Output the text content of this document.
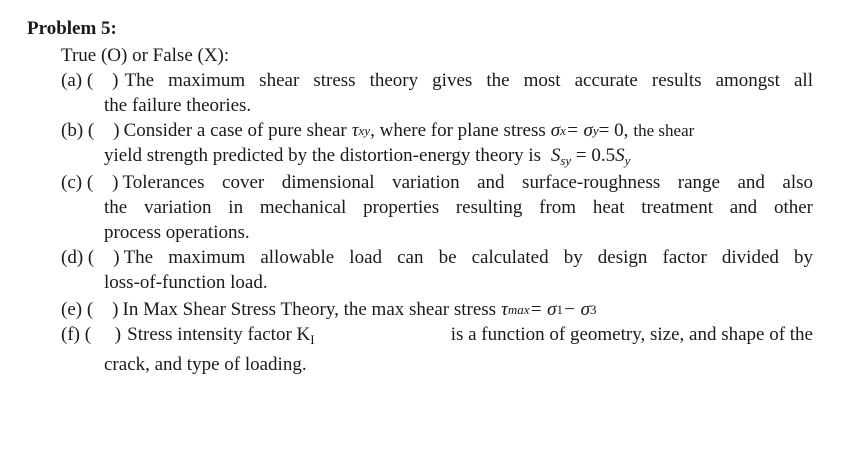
Problem 5:
True (O) or False (X):
(a) (    ) The maximum shear stress theory gives the most accurate results amongst all
the failure theories.
(b) (    ) Consider a case of pure shear τ xy , where for plane stress σ x = σ y = 0, the shear
yield strength predicted by the distortion-energy theory is $S_{sy} = 0.5S_y$
(c) (    ) Tolerances cover dimensional variation and surface-roughness range and also
the variation in mechanical properties resulting from heat treatment and other
process operations.
(d) (    ) The maximum allowable load can be calculated by design factor divided by
loss-of-function load.
(e) (    ) In Max Shear Stress Theory, the max shear stress τ max = σ 1 − σ 3
(f) (     ) Stress intensity factor $K_I$	is a function of geometry, size, and shape of the
crack, and type of loading.
